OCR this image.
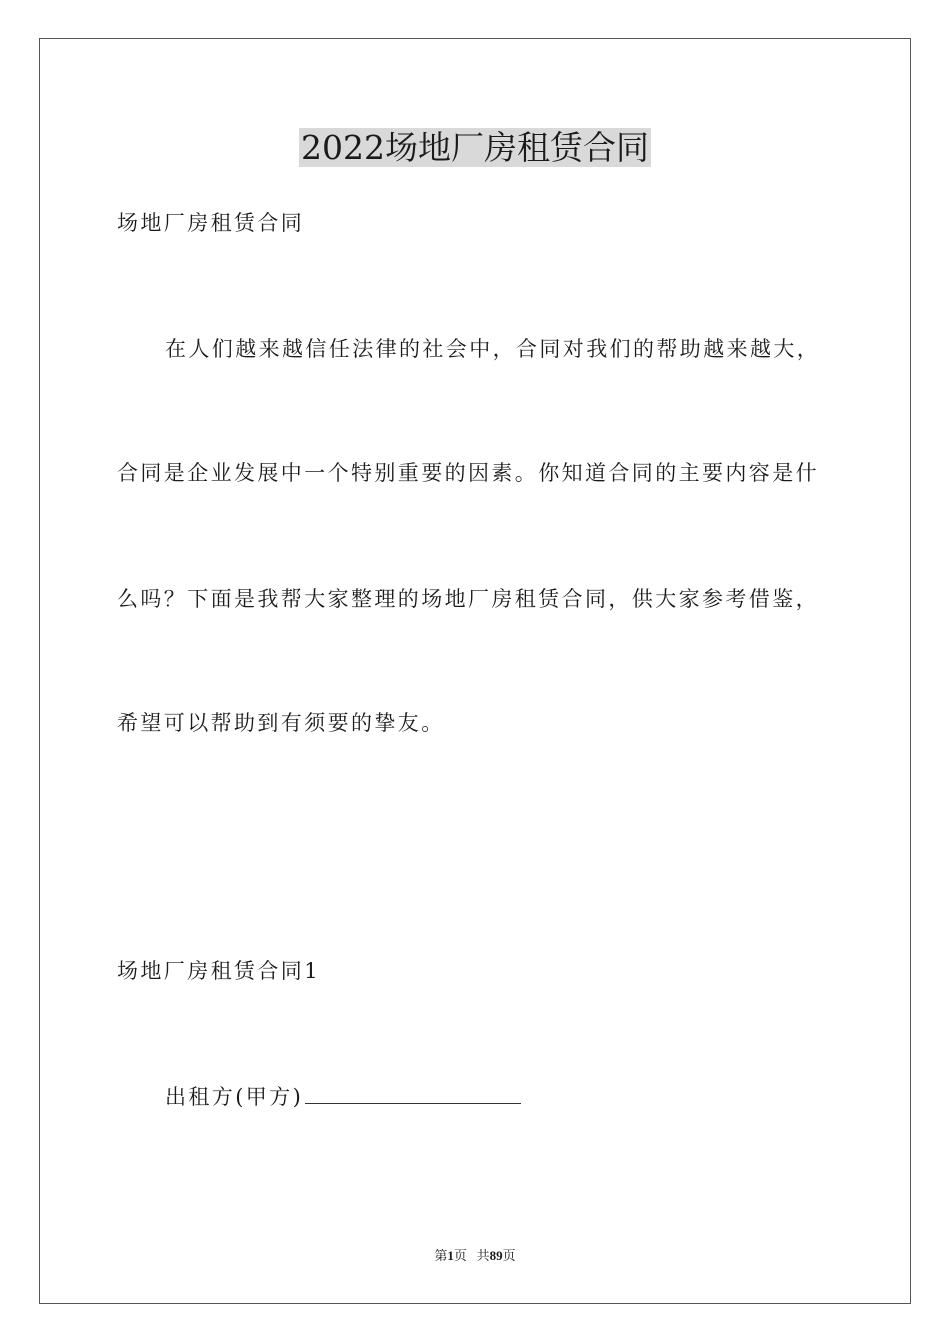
2022场地厂房租赁合同
场地厂房租赁合同
在人们越来越信任法律的社会中，合同对我们的帮助越来越大，
合同是企业发展中一个特别重要的因素。你知道合同的主要内容是什
么吗？下面是我帮大家整理的场地厂房租赁合同，供大家参考借鉴，
希望可以帮助到有须要的挚友。
场地厂房租赁合同1
出租方(甲方)
第1页 共89页
